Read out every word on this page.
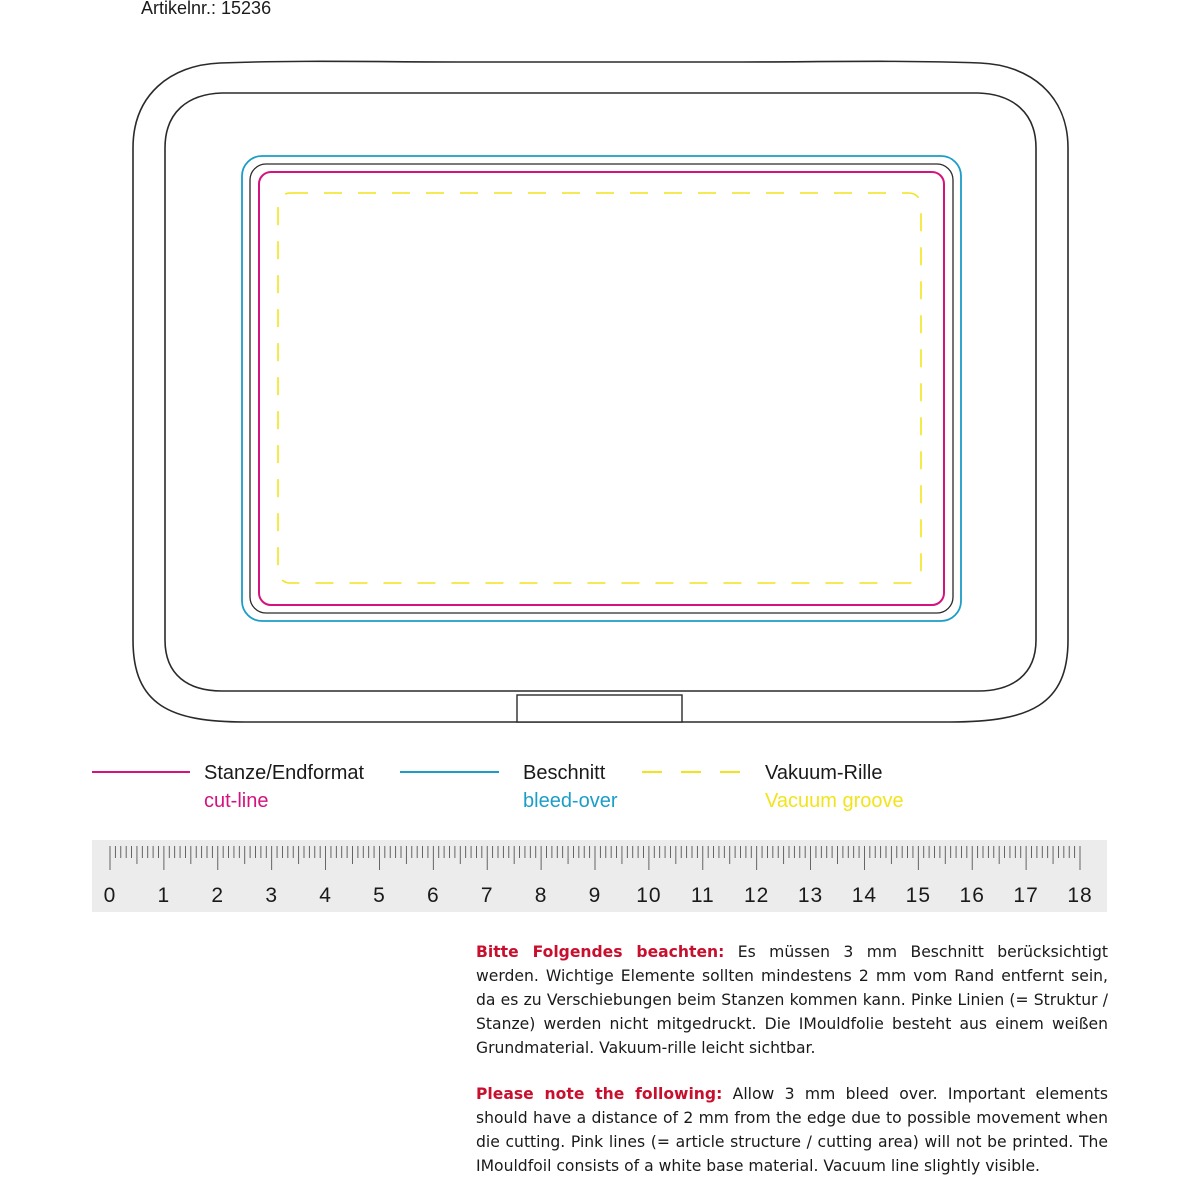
Artikelnr.: 15236
Stanze/Endformat
cut-line
Beschnitt
bleed-over
Vakuum-Rille
Vacuum groove
0 1 2 3 4 5 6 7 8 9 10 11 12 13 14 15 16 17 18
Bitte Folgendes beachten: Es müssen 3 mm Beschnitt berücksichtigt werden. Wichtige Elemente sollten mindestens 2 mm vom Rand entfernt sein, da es zu Verschiebungen beim Stanzen kommen kann. Pinke Linien (= Struktur / Stanze) werden nicht mitgedruckt. Die IMouldfolie besteht aus einem weißen Grundmaterial. Vakuum-rille leicht sichtbar.
Please note the following: Allow 3 mm bleed over. Important elements should have a distance of 2 mm from the edge due to possible movement when die cutting. Pink lines (= article structure / cutting area) will not be printed. The IMouldfoil consists of a white base material. Vacuum line slightly visible.
